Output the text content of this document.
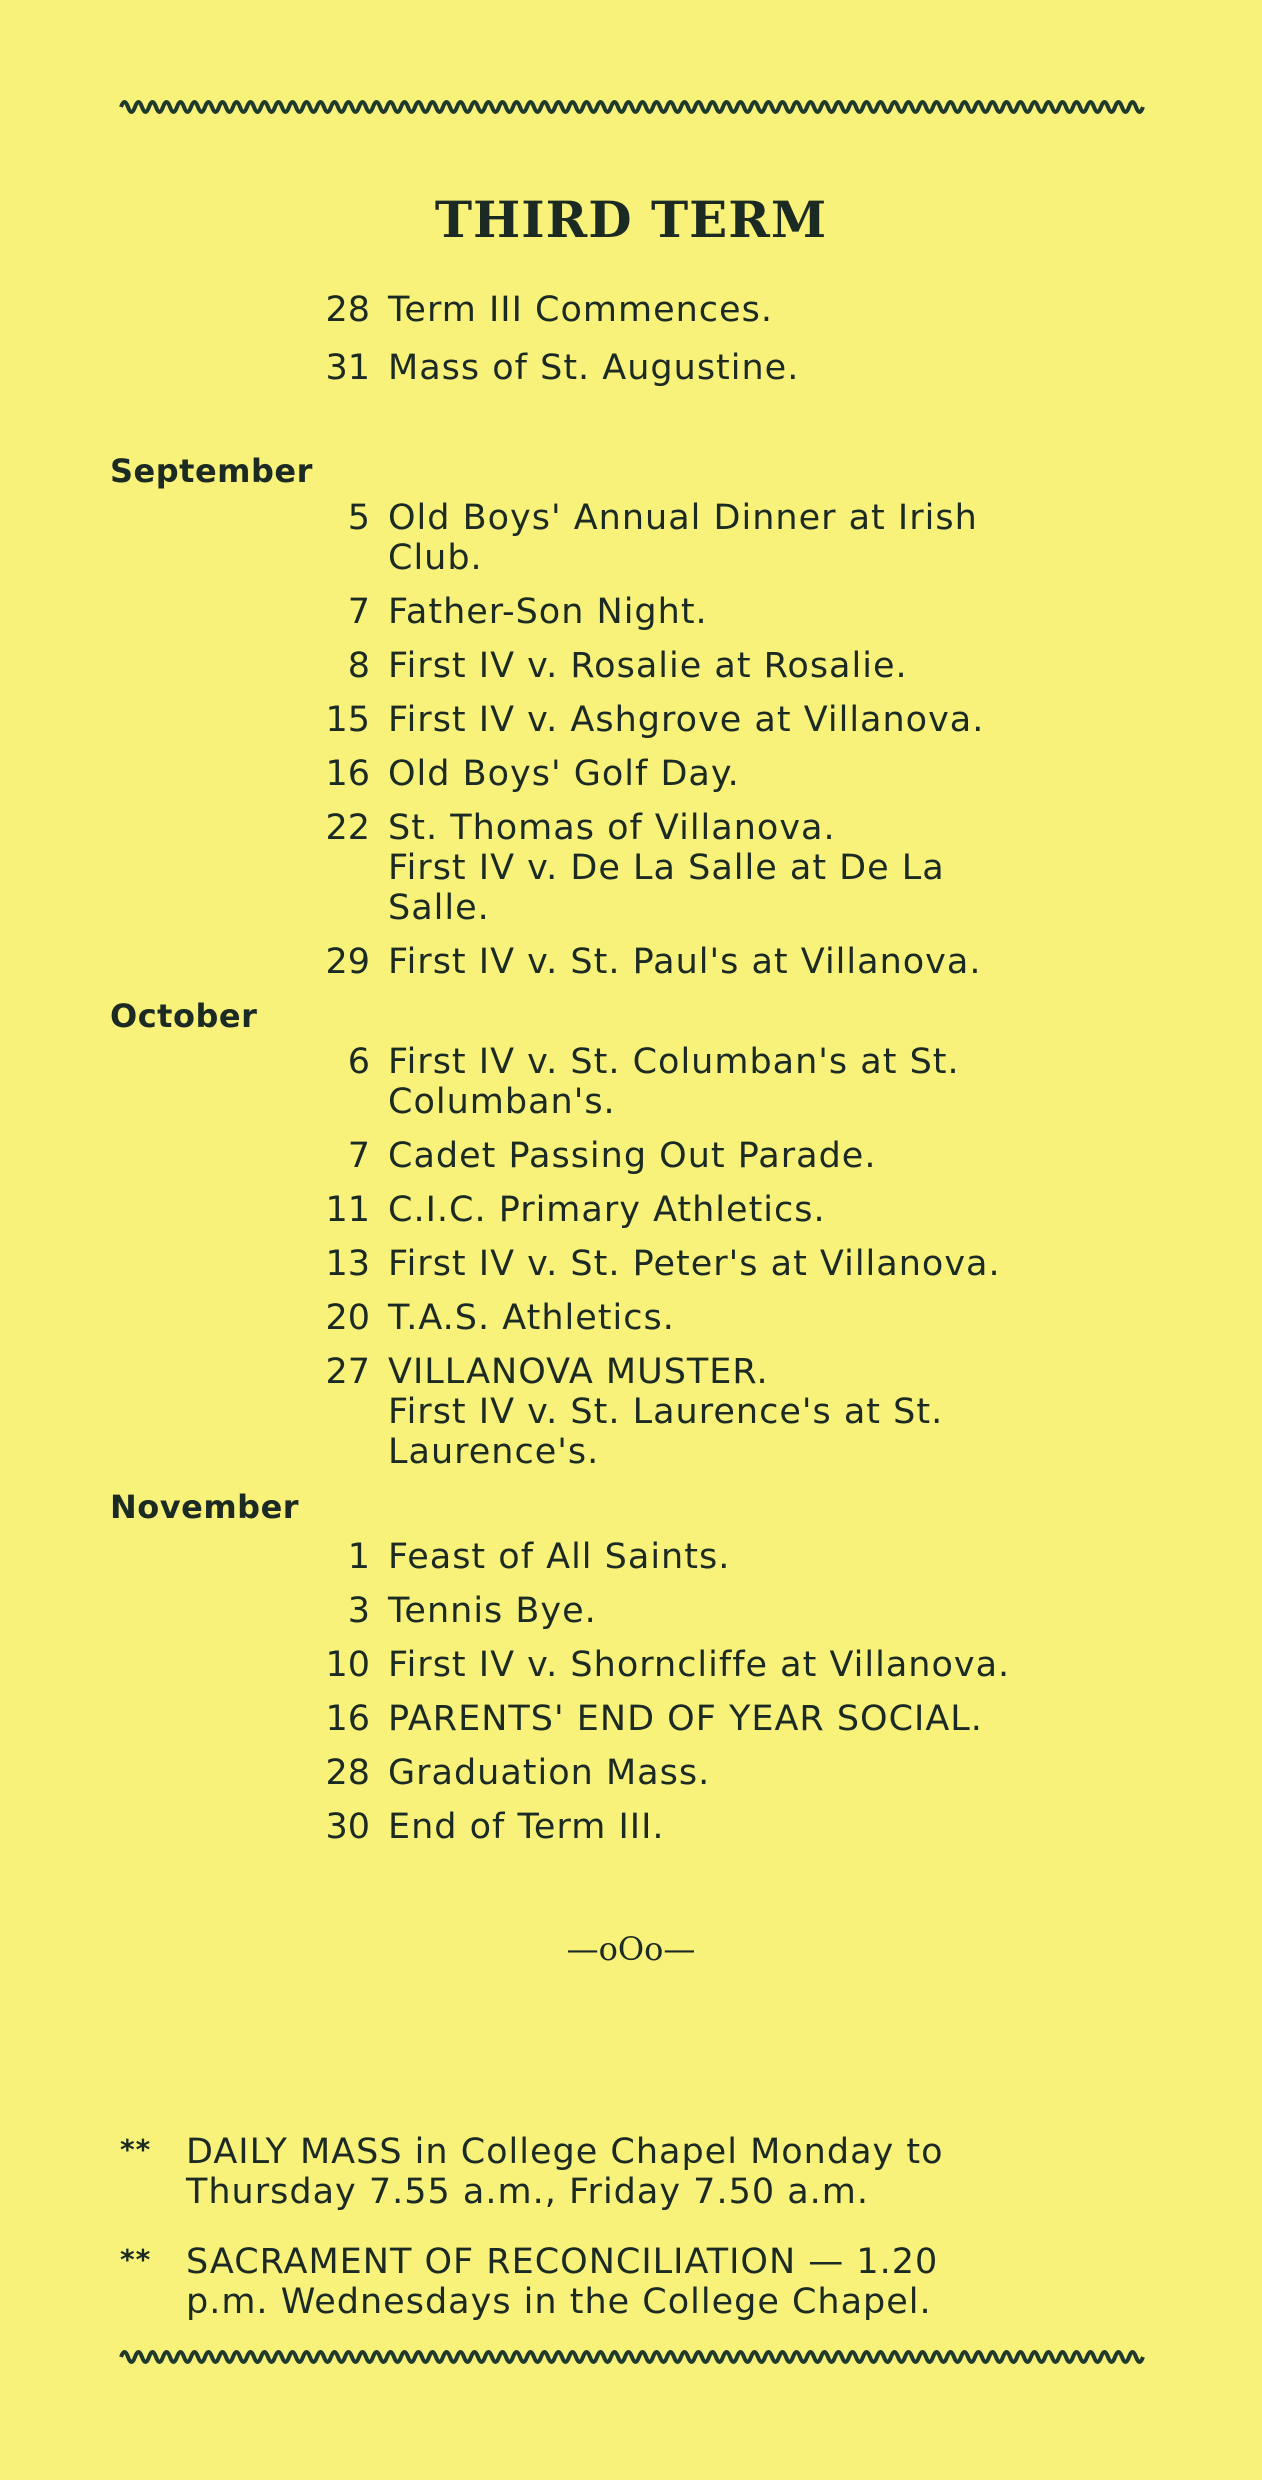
THIRD TERM
28 Term III Commences.
31 Mass of St. Augustine.
September
5 Old Boys' Annual Dinner at Irish
Club.
7 Father-Son Night.
8 First IV v. Rosalie at Rosalie.
15 First IV v. Ashgrove at Villanova.
16 Old Boys' Golf Day.
22 St. Thomas of Villanova.
First IV v. De La Salle at De La
Salle.
29 First IV v. St. Paul's at Villanova.
October
6 First IV v. St. Columban's at St.
Columban's.
7 Cadet Passing Out Parade.
11 C.I.C. Primary Athletics.
13 First IV v. St. Peter's at Villanova.
20 T.A.S. Athletics.
27 VILLANOVA MUSTER.
First IV v. St. Laurence's at St.
Laurence's.
November
1 Feast of All Saints.
3 Tennis Bye.
10 First IV v. Shorncliffe at Villanova.
16 PARENTS' END OF YEAR SOCIAL.
28 Graduation Mass.
30 End of Term III.
—oOo—
** DAILY MASS in College Chapel Monday to
Thursday 7.55 a.m., Friday 7.50 a.m.
** SACRAMENT OF RECONCILIATION — 1.20
p.m. Wednesdays in the College Chapel.
